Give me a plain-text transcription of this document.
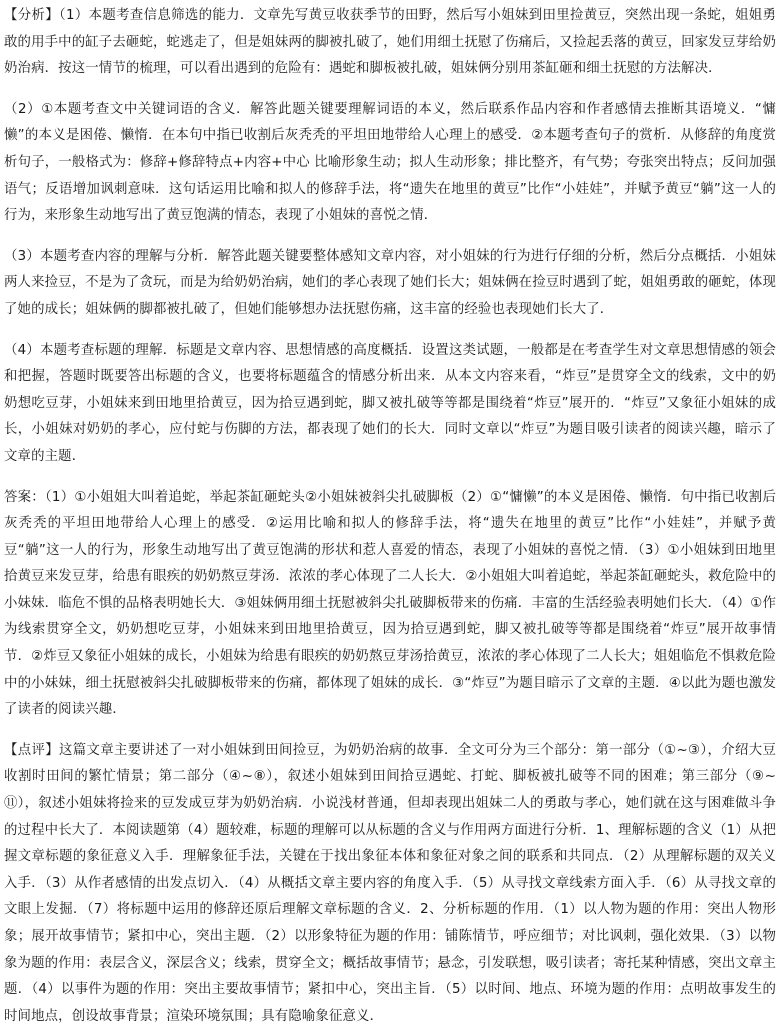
【分析】（1）本题考查信息筛选的能力．文章先写黄豆收获季节的田野，然后写小姐妹到田里捡黄豆，突然出现一条蛇，姐姐勇敢的用手中的缸子去砸蛇，蛇逃走了，但是姐妹两的脚被扎破了，她们用细土抚慰了伤痛后，又捡起丢落的黄豆，回家发豆芽给奶奶治病．按这一情节的梳理，可以看出遇到的危险有：遇蛇和脚板被扎破，姐妹俩分别用茶缸砸和细土抚慰的方法解决．

（2）①本题考查文中关键词语的含义．解答此题关键要理解词语的本义，然后联系作品内容和作者感情去推断其语境义．“慵懒”的本义是困倦、懒惰．在本句中指已收割后灰秃秃的平坦田地带给人心理上的感受．②本题考查句子的赏析．从修辞的角度赏析句子，一般格式为：修辞+修辞特点+内容+中心 比喻形象生动；拟人生动形象；排比整齐，有气势；夸张突出特点；反问加强语气；反语增加讽刺意味．这句话运用比喻和拟人的修辞手法，将“遗失在地里的黄豆”比作“小娃娃”，并赋予黄豆“躺”这一人的行为，来形象生动地写出了黄豆饱满的情态，表现了小姐妹的喜悦之情．

（3）本题考查内容的理解与分析．解答此题关键要整体感知文章内容，对小姐妹的行为进行仔细的分析，然后分点概括．小姐妹两人来捡豆，不是为了贪玩，而是为给奶奶治病，她们的孝心表现了她们长大；姐妹俩在捡豆时遇到了蛇，姐姐勇敢的砸蛇，体现了她的成长；姐妹俩的脚都被扎破了，但她们能够想办法抚慰伤痛，这丰富的经验也表现她们长大了．

（4）本题考查标题的理解．标题是文章内容、思想情感的高度概括．设置这类试题，一般都是在考查学生对文章思想情感的领会和把握，答题时既要答出标题的含义，也要将标题蕴含的情感分析出来．从本文内容来看，“炸豆”是贯穿全文的线索，文中的奶奶想吃豆芽，小姐妹来到田地里拾黄豆，因为拾豆遇到蛇，脚又被扎破等等都是围绕着“炸豆”展开的．“炸豆”又象征小姐妹的成长，小姐妹对奶奶的孝心，应付蛇与伤脚的方法，都表现了她们的长大．同时文章以“炸豆”为题目吸引读者的阅读兴趣，暗示了文章的主题．

答案：（1）①小姐姐大叫着追蛇，举起茶缸砸蛇头②小姐妹被斜尖扎破脚板（2）①“慵懒”的本义是困倦、懒惰．句中指已收割后灰秃秃的平坦田地带给人心理上的感受．②运用比喻和拟人的修辞手法，将“遗失在地里的黄豆”比作“小娃娃”，并赋予黄豆“躺”这一人的行为，形象生动地写出了黄豆饱满的形状和惹人喜爱的情态，表现了小姐妹的喜悦之情．（3）①小姐妹到田地里拾黄豆来发豆芽，给患有眼疾的奶奶熬豆芽汤．浓浓的孝心体现了二人长大．②小姐姐大叫着追蛇，举起茶缸砸蛇头，救危险中的小妹妹．临危不惧的品格表明她长大．③姐妹俩用细土抚慰被斜尖扎破脚板带来的伤痛．丰富的生活经验表明她们长大．（4）①作为线索贯穿全文，奶奶想吃豆芽，小姐妹来到田地里拾黄豆，因为拾豆遇到蛇，脚又被扎破等等都是围绕着“炸豆”展开故事情节．②炸豆又象征小姐妹的成长，小姐妹为给患有眼疾的奶奶熬豆芽汤拾黄豆，浓浓的孝心体现了二人长大；姐姐临危不惧救危险中的小妹妹，细土抚慰被斜尖扎破脚板带来的伤痛，都体现了姐妹的成长．③“炸豆”为题目暗示了文章的主题．④以此为题也激发了读者的阅读兴趣．

【点评】这篇文章主要讲述了一对小姐妹到田间捡豆，为奶奶治病的故事．全文可分为三个部分：第一部分（①~③），介绍大豆收割时田间的繁忙情景；第二部分（④~⑧），叙述小姐妹到田间拾豆遇蛇、打蛇、脚板被扎破等不同的困难；第三部分（⑨~ ⑪），叙述小姐妹将捡来的豆发成豆芽为奶奶治病．小说浅材普通，但却表现出姐妹二人的勇敢与孝心，她们就在这与困难做斗争的过程中长大了．本阅读题第（4）题较难，标题的理解可以从标题的含义与作用两方面进行分析．1、理解标题的含义（1）从把握文章标题的象征意义入手．理解象征手法，关键在于找出象征本体和象征对象之间的联系和共同点．（2）从理解标题的双关义入手．（3）从作者感情的出发点切入．（4）从概括文章主要内容的角度入手．（5）从寻找文章线索方面入手．（6）从寻找文章的文眼上发掘．（7）将标题中运用的修辞还原后理解文章标题的含义．2、分析标题的作用．（1）以人物为题的作用：突出人物形象；展开故事情节；紧扣中心，突出主题．（2）以形象特征为题的作用：铺陈情节，呼应细节；对比讽刺，强化效果．（3）以物象为题的作用：表层含义，深层含义；线索，贯穿全文；概括故事情节；悬念，引发联想，吸引读者；寄托某种情感，突出文章主题．（4）以事件为题的作用：突出主要故事情节；紧扣中心，突出主旨．（5）以时间、地点、环境为题的作用：点明故事发生的时间地点，创设故事背景；渲染环境氛围；具有隐喻象征意义．
